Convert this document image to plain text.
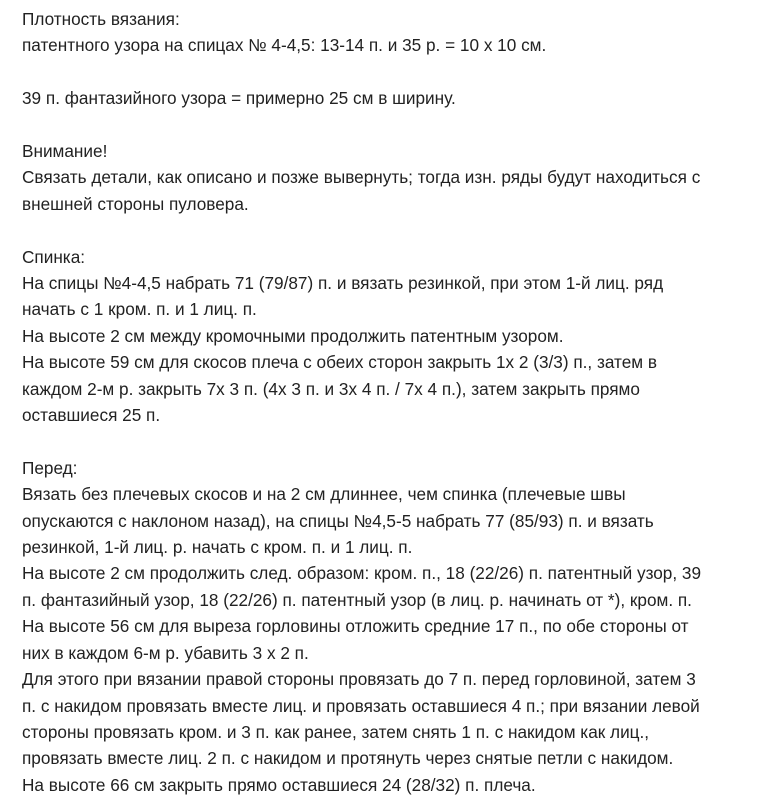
Плотность вязания:
патентного узора на спицах № 4-4,5: 13-14 п. и 35 р. = 10 х 10 см.

39 п. фантазийного узора = примерно 25 см в ширину.

Внимание!
Связать детали, как описано и позже вывернуть; тогда изн. ряды будут находиться с
внешней стороны пуловера.

Спинка:
На спицы №4-4,5 набрать 71 (79/87) п. и вязать резинкой, при этом 1-й лиц. ряд
начать с 1 кром. п. и 1 лиц. п.
На высоте 2 см между кромочными продолжить патентным узором.
На высоте 59 см для скосов плеча с обеих сторон закрыть 1х 2 (3/3) п., затем в
каждом 2-м р. закрыть 7х 3 п. (4х 3 п. и 3х 4 п. / 7х 4 п.), затем закрыть прямо
оставшиеся 25 п.

Перед:
Вязать без плечевых скосов и на 2 см длиннее, чем спинка (плечевые швы
опускаются с наклоном назад), на спицы №4,5-5 набрать 77 (85/93) п. и вязать
резинкой, 1-й лиц. р. начать с кром. п. и 1 лиц. п.
На высоте 2 см продолжить след. образом: кром. п., 18 (22/26) п. патентный узор, 39
п. фантазийный узор, 18 (22/26) п. патентный узор (в лиц. р. начинать от *), кром. п.
На высоте 56 см для выреза горловины отложить средние 17 п., по обе стороны от
них в каждом 6-м р. убавить 3 х 2 п.
Для этого при вязании правой стороны провязать до 7 п. перед горловиной, затем 3
п. с накидом провязать вместе лиц. и провязать оставшиеся 4 п.; при вязании левой
стороны провязать кром. и 3 п. как ранее, затем снять 1 п. с накидом как лиц.,
провязать вместе лиц. 2 п. с накидом и протянуть через снятые петли с накидом.
На высоте 66 см закрыть прямо оставшиеся 24 (28/32) п. плеча.
